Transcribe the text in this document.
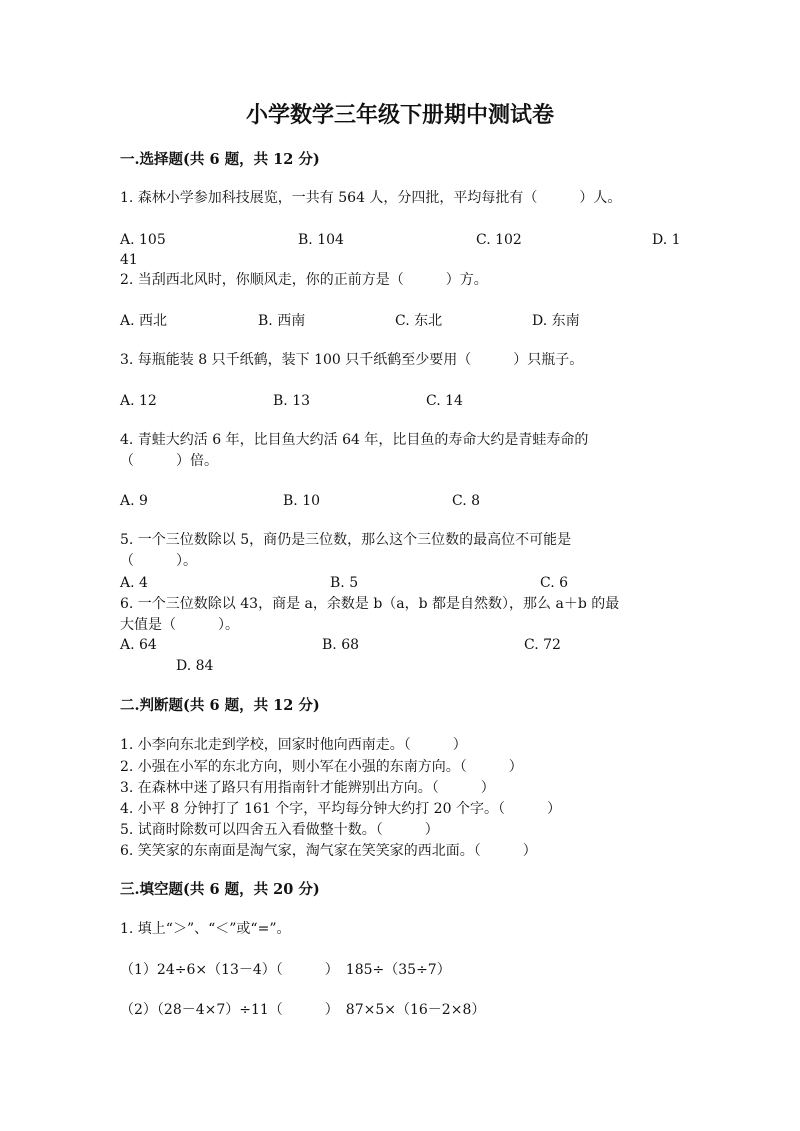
小学数学三年级下册期中测试卷
一.选择题(共 6 题，共 12 分)
1. 森林小学参加科技展览，一共有 564 人，分四批，平均每批有（　　　）人。
A. 105	B. 104	C. 102	D. 1
41
2. 当刮西北风时，你顺风走，你的正前方是（　　　）方。
A. 西北	B. 西南	C. 东北	D. 东南
3. 每瓶能装 8 只千纸鹤，装下 100 只千纸鹤至少要用（　　　）只瓶子。
A. 12	B. 13	C. 14
4. 青蛙大约活 6 年，比目鱼大约活 64 年，比目鱼的寿命大约是青蛙寿命的
（　　　）倍。
A. 9	B. 10	C. 8
5. 一个三位数除以 5，商仍是三位数，那么这个三位数的最高位不可能是
（　　　）。
A. 4	B. 5	C. 6
6. 一个三位数除以 43，商是 a，余数是 b（a，b 都是自然数），那么 a＋b 的最
大值是（　　　）。
A. 64	B. 68	C. 72
D. 84
二.判断题(共 6 题，共 12 分)
1. 小李向东北走到学校，回家时他向西南走。（　　　）
2. 小强在小军的东北方向，则小军在小强的东南方向。（　　　）
3. 在森林中迷了路只有用指南针才能辨别出方向。（　　　）
4. 小平 8 分钟打了 161 个字，平均每分钟大约打 20 个字。（　　　）
5. 试商时除数可以四舍五入看做整十数。（　　　）
6. 笑笑家的东南面是淘气家，淘气家在笑笑家的西北面。（　　　）
三.填空题(共 6 题，共 20 分)
1. 填上“＞”、“＜”或“=”。
（1）24÷6×（13－4）（　　　）　185÷（35÷7）
（2）（28－4×7）÷11（　　　）　87×5×（16－2×8）
